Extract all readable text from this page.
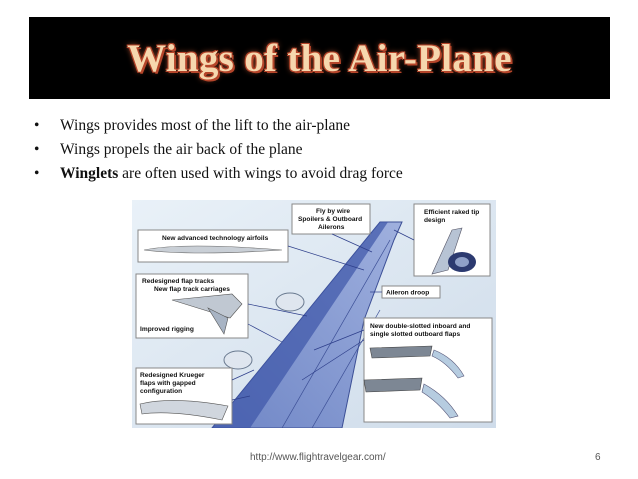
Wings of the Air-Plane
•	Wings provides most of the lift to the air-plane
•	Wings propels the air back of the plane
•	Winglets are often used with wings to avoid drag force
New advanced technology airfoils
Fly by wire
Spoilers & Outboard
Ailerons
Efficient raked tip
design
Redesigned flap tracks
New flap track carriages
Improved rigging
Aileron droop
New double-slotted inboard and
single slotted outboard flaps
Redesigned Krueger
flaps with gapped
configuration
http://www.flightravelgear.com/	6
